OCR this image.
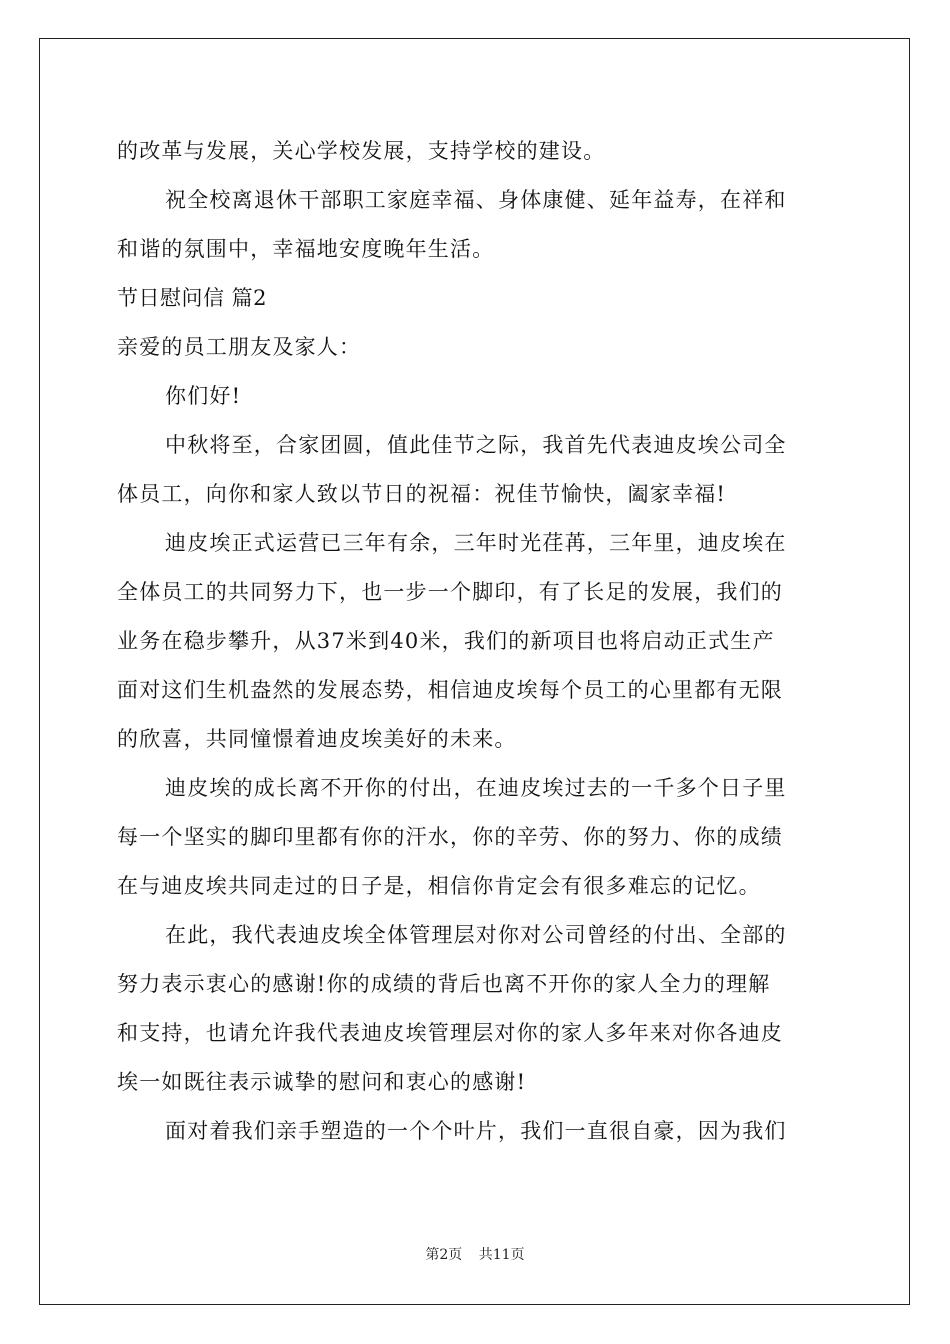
的改革与发展，关心学校发展，支持学校的建设。
祝全校离退休干部职工家庭幸福、身体康健、延年益寿，在祥和
和谐的氛围中，幸福地安度晚年生活。
节日慰问信 篇2
亲爱的员工朋友及家人：
你们好!
中秋将至，合家团圆，值此佳节之际，我首先代表迪皮埃公司全
体员工，向你和家人致以节日的祝福：祝佳节愉快，阖家幸福!
迪皮埃正式运营已三年有余，三年时光荏苒，三年里，迪皮埃在
全体员工的共同努力下，也一步一个脚印，有了长足的发展，我们的
业务在稳步攀升，从37米到40米，我们的新项目也将启动正式生产
面对这们生机盎然的发展态势，相信迪皮埃每个员工的心里都有无限
的欣喜，共同憧憬着迪皮埃美好的未来。
迪皮埃的成长离不开你的付出，在迪皮埃过去的一千多个日子里
每一个坚实的脚印里都有你的汗水，你的辛劳、你的努力、你的成绩
在与迪皮埃共同走过的日子是，相信你肯定会有很多难忘的记忆。
在此，我代表迪皮埃全体管理层对你对公司曾经的付出、全部的
努力表示衷心的感谢!你的成绩的背后也离不开你的家人全力的理解
和支持，也请允许我代表迪皮埃管理层对你的家人多年来对你各迪皮
埃一如既往表示诚挚的慰问和衷心的感谢!
面对着我们亲手塑造的一个个叶片，我们一直很自豪，因为我们
第2页 共11页
